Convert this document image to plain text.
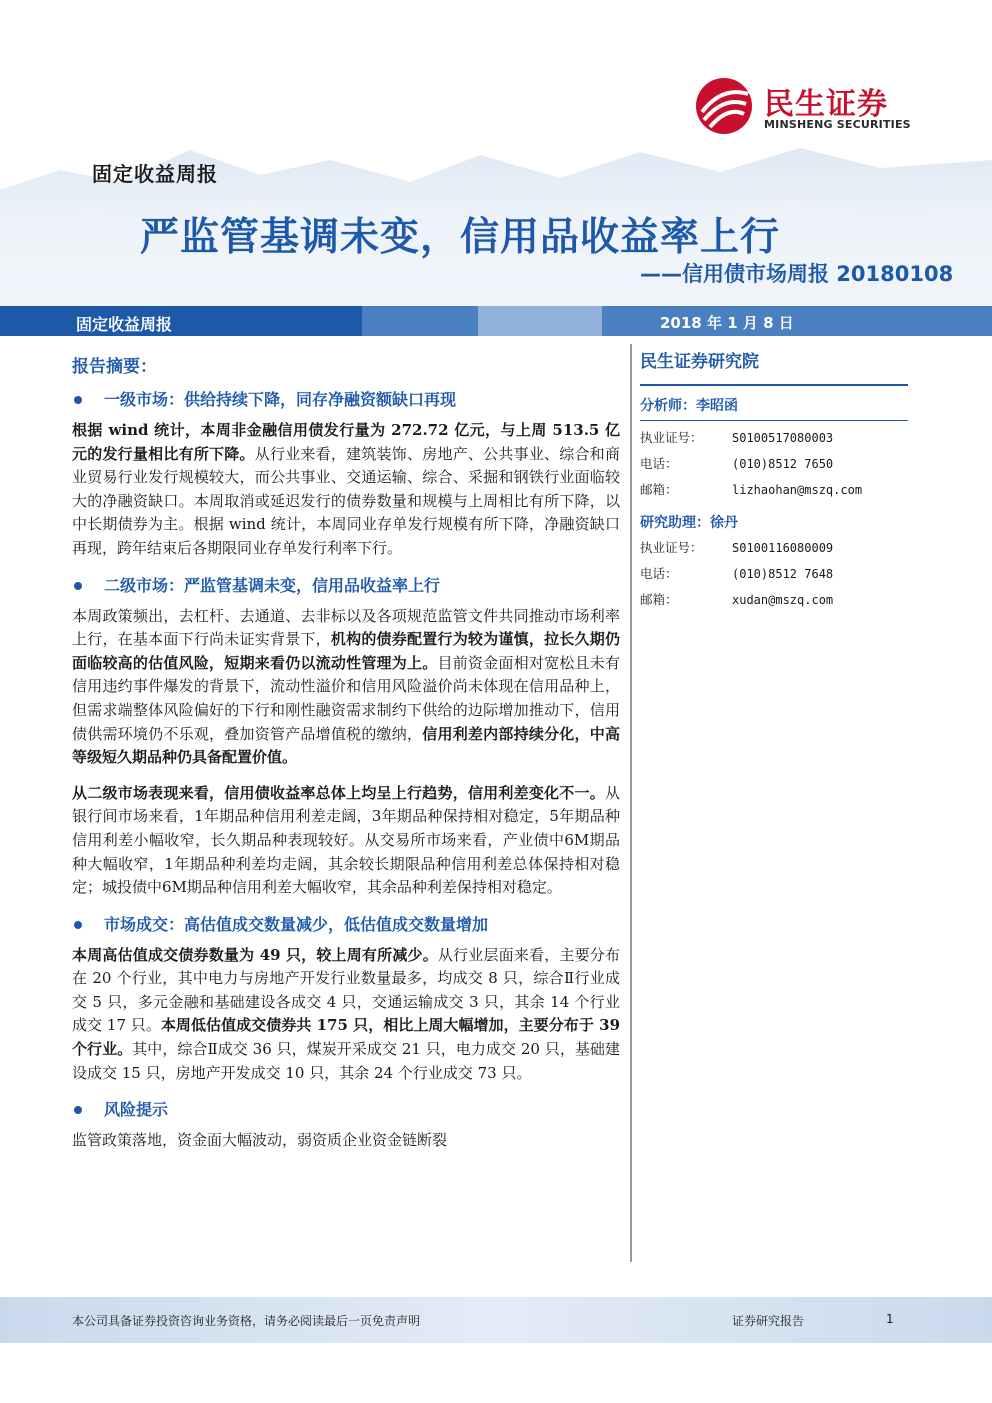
民生证券
MINSHENG SECURITIES
固定收益周报
严监管基调未变，信用品收益率上行
——信用债市场周报 20180108
固定收益周报	2018 年 1 月 8 日
报告摘要：
一级市场：供给持续下降，同存净融资额缺口再现
根据 wind 统计，本周非金融信用债发行量为 272.72 亿元，与上周 513.5 亿元的发行量相比有所下降。从行业来看，建筑装饰、房地产、公共事业、综合和商业贸易行业发行规模较大，而公共事业、交通运输、综合、采掘和钢铁行业面临较大的净融资缺口。本周取消或延迟发行的债券数量和规模与上周相比有所下降，以中长期债券为主。根据 wind 统计，本周同业存单发行规模有所下降，净融资缺口再现，跨年结束后各期限同业存单发行利率下行。
二级市场：严监管基调未变，信用品收益率上行
本周政策频出，去杠杆、去通道、去非标以及各项规范监管文件共同推动市场利率上行，在基本面下行尚未证实背景下，机构的债券配置行为较为谨慎，拉长久期仍面临较高的估值风险，短期来看仍以流动性管理为上。目前资金面相对宽松且未有信用违约事件爆发的背景下，流动性溢价和信用风险溢价尚未体现在信用品种上，但需求端整体风险偏好的下行和刚性融资需求制约下供给的边际增加推动下，信用债供需环境仍不乐观，叠加资管产品增值税的缴纳，信用利差内部持续分化，中高等级短久期品种仍具备配置价值。
从二级市场表现来看，信用债收益率总体上均呈上行趋势，信用利差变化不一。从银行间市场来看，1年期品种信用利差走阔，3年期品种保持相对稳定，5年期品种信用利差小幅收窄，长久期品种表现较好。从交易所市场来看，产业债中6M期品种大幅收窄，1年期品种利差均走阔，其余较长期限品种信用利差总体保持相对稳定；城投债中6M期品种信用利差大幅收窄，其余品种利差保持相对稳定。
市场成交：高估值成交数量减少，低估值成交数量增加
本周高估值成交债券数量为 49 只，较上周有所减少。从行业层面来看，主要分布在 20 个行业，其中电力与房地产开发行业数量最多，均成交 8 只，综合Ⅱ行业成交 5 只，多元金融和基础建设各成交 4 只，交通运输成交 3 只，其余 14 个行业成交 17 只。本周低估值成交债券共 175 只，相比上周大幅增加，主要分布于 39 个行业。其中，综合Ⅱ成交 36 只，煤炭开采成交 21 只，电力成交 20 只，基础建设成交 15 只，房地产开发成交 10 只，其余 24 个行业成交 73 只。
风险提示
监管政策落地，资金面大幅波动，弱资质企业资金链断裂
民生证券研究院
分析师：李昭函
执业证号： S0100517080003
电话：	(010)8512 7650
邮箱：	lizhaohan@mszq.com
研究助理：徐丹
执业证号： S0100116080009
电话：	(010)8512 7648
邮箱：	xudan@mszq.com
本公司具备证券投资咨询业务资格，请务必阅读最后一页免责声明	证券研究报告	1
